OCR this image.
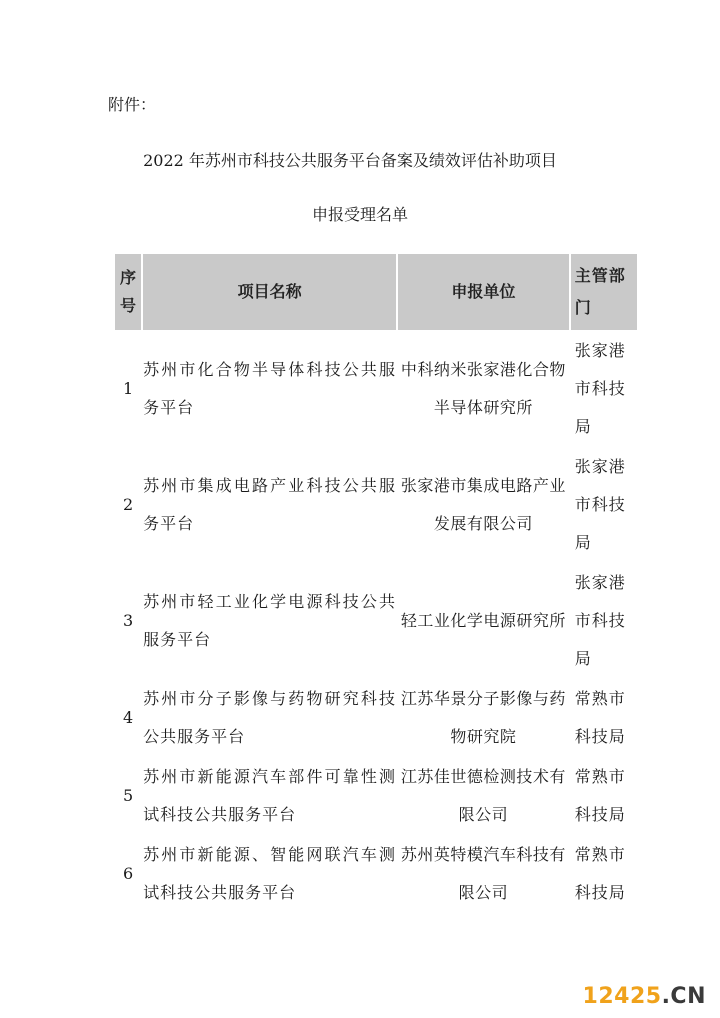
附件：
2022 年苏州市科技公共服务平台备案及绩效评估补助项目
申报受理名单
序号	项目名称	申报单位	主管部门
1	苏州市化合物半导体科技公共服务平台	中科纳米张家港化合物半导体研究所	张家港市科技局
2	苏州市集成电路产业科技公共服务平台	张家港市集成电路产业发展有限公司	张家港市科技局
3	苏州市轻工业化学电源科技公共服务平台	轻工业化学电源研究所	张家港市科技局
4	苏州市分子影像与药物研究科技公共服务平台	江苏华景分子影像与药物研究院	常熟市科技局
5	苏州市新能源汽车部件可靠性测试科技公共服务平台	江苏佳世德检测技术有限公司	常熟市科技局
6	苏州市新能源、智能网联汽车测试科技公共服务平台	苏州英特模汽车科技有限公司	常熟市科技局
12425.CN
